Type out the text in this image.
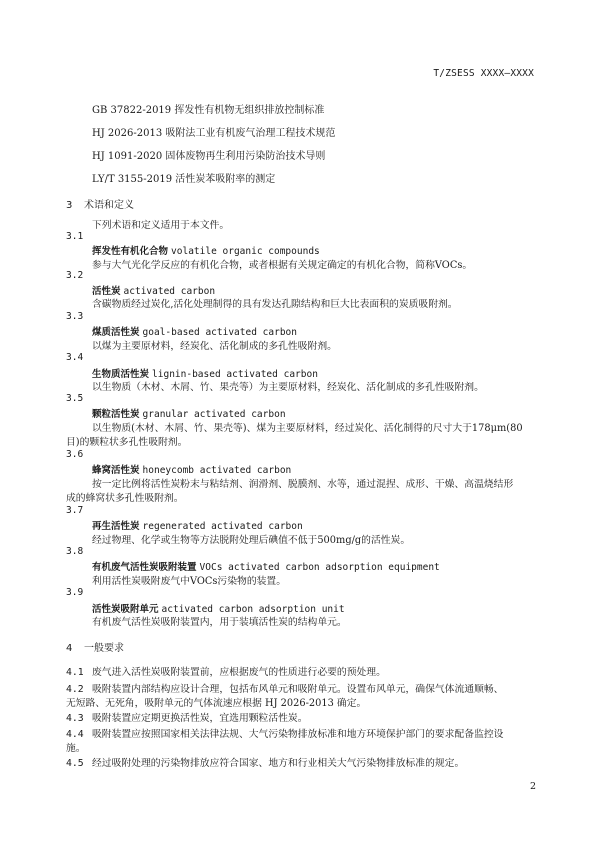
T/ZSESS XXXX—XXXX
GB 37822-2019 挥发性有机物无组织排放控制标准
HJ 2026-2013 吸附法工业有机废气治理工程技术规范
HJ 1091-2020 固体废物再生利用污染防治技术导则
LY/T 3155-2019 活性炭苯吸附率的测定
3 术语和定义
下列术语和定义适用于本文件。
3.1
挥发性有机化合物 volatile organic compounds
参与大气光化学反应的有机化合物，或者根据有关规定确定的有机化合物，简称VOCs。
3.2
活性炭 activated carbon
含碳物质经过炭化,活化处理制得的具有发达孔隙结构和巨大比表面积的炭质吸附剂。
3.3
煤质活性炭 goal-based activated carbon
以煤为主要原材料，经炭化、活化制成的多孔性吸附剂。
3.4
生物质活性炭 lignin-based activated carbon
以生物质（木材、木屑、竹、果壳等）为主要原材料，经炭化、活化制成的多孔性吸附剂。
3.5
颗粒活性炭 granular activated carbon
以生物质(木材、木屑、竹、果壳等)、煤为主要原材料，经过炭化、活化制得的尺寸大于178μm(80
目)的颗粒状多孔性吸附剂。
3.6
蜂窝活性炭 honeycomb activated carbon
按一定比例将活性炭粉末与粘结剂、润滑剂、脱膜剂、水等，通过混捏、成形、干燥、高温烧结形
成的蜂窝状多孔性吸附剂。
3.7
再生活性炭 regenerated activated carbon
经过物理、化学或生物等方法脱附处理后碘值不低于500mg/g的活性炭。
3.8
有机废气活性炭吸附装置 VOCs activated carbon adsorption equipment
利用活性炭吸附废气中VOCs污染物的装置。
3.9
活性炭吸附单元 activated carbon adsorption unit
有机废气活性炭吸附装置内，用于装填活性炭的结构单元。
4 一般要求
4.1 废气进入活性炭吸附装置前，应根据废气的性质进行必要的预处理。
4.2 吸附装置内部结构应设计合理，包括布风单元和吸附单元。设置布风单元，确保气体流通顺畅、
无短路、无死角，吸附单元的气体流速应根据 HJ 2026-2013 确定。
4.3 吸附装置应定期更换活性炭，宜选用颗粒活性炭。
4.4 吸附装置应按照国家相关法律法规、大气污染物排放标准和地方环境保护部门的要求配备监控设
施。
4.5 经过吸附处理的污染物排放应符合国家、地方和行业相关大气污染物排放标准的规定。
2
